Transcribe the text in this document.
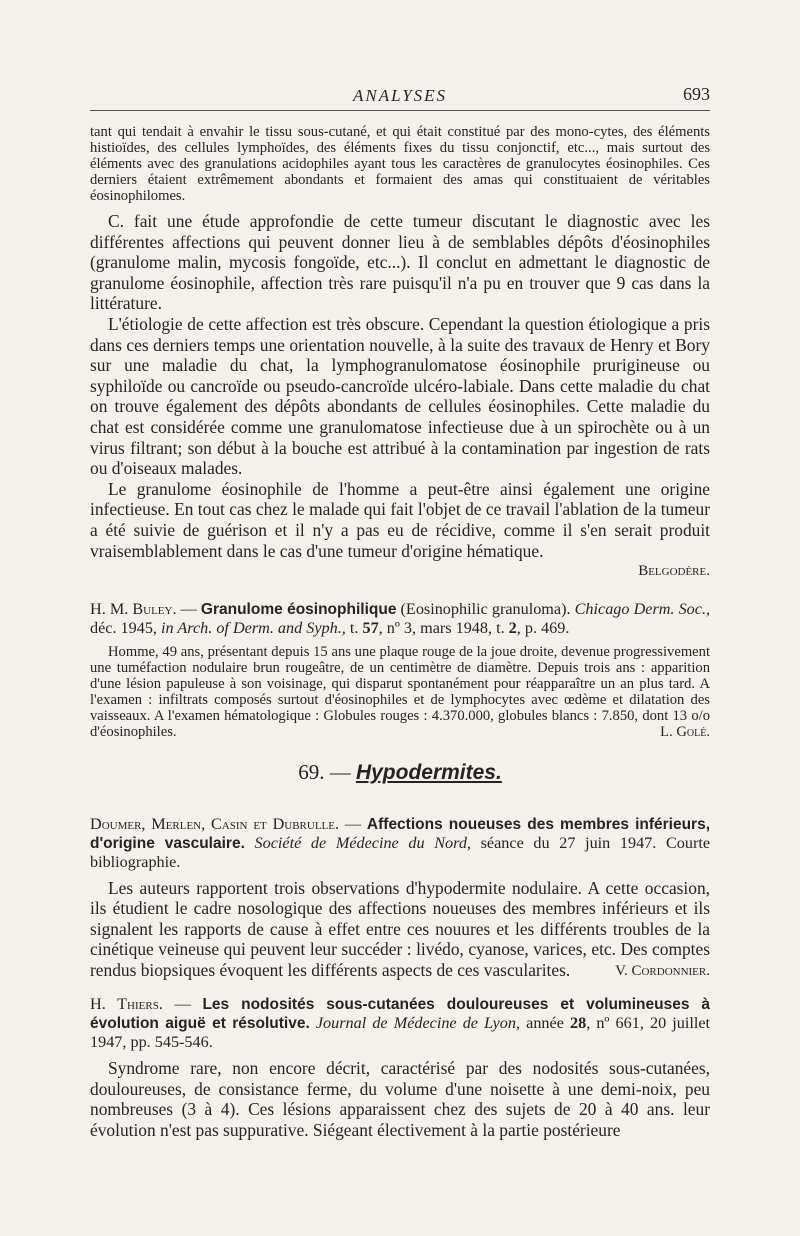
ANALYSES	693

tant qui tendait à envahir le tissu sous-cutané, et qui était constitué par des mono-cytes, des éléments histioïdes, des cellules lymphoïdes, des éléments fixes du tissu conjonctif, etc..., mais surtout des éléments avec des granulations acidophiles ayant tous les caractères de granulocytes éosinophiles. Ces derniers étaient extrêmement abondants et formaient des amas qui constituaient de véritables éosinophilomes.

C. fait une étude approfondie de cette tumeur discutant le diagnostic avec les différentes affections qui peuvent donner lieu à de semblables dépôts d'éosinophiles (granulome malin, mycosis fongoïde, etc...). Il conclut en admettant le diagnostic de granulome éosinophile, affection très rare puisqu'il n'a pu en trouver que 9 cas dans la littérature.

L'étiologie de cette affection est très obscure. Cependant la question étiologique a pris dans ces derniers temps une orientation nouvelle, à la suite des travaux de Henry et Bory sur une maladie du chat, la lymphogranulomatose éosinophile prurigineuse ou syphiloïde ou cancroïde ou pseudo-cancroïde ulcéro-labiale. Dans cette maladie du chat on trouve également des dépôts abondants de cellules éosinophiles. Cette maladie du chat est considérée comme une granulomatose infectieuse due à un spirochète ou à un virus filtrant; son début à la bouche est attribué à la contamination par ingestion de rats ou d'oiseaux malades.

Le granulome éosinophile de l'homme a peut-être ainsi également une origine infectieuse. En tout cas chez le malade qui fait l'objet de ce travail l'ablation de la tumeur a été suivie de guérison et il n'y a pas eu de récidive, comme il s'en serait produit vraisemblablement dans le cas d'une tumeur d'origine hématique.

Belgodère.

H. M. Buley. — Granulome éosinophilique (Eosinophilic granuloma). Chicago Derm. Soc., déc. 1945, in Arch. of Derm. and Syph., t. 57, nº 3, mars 1948, t. 2, p. 469.

Homme, 49 ans, présentant depuis 15 ans une plaque rouge de la joue droite, devenue progressivement une tuméfaction nodulaire brun rougeâtre, de un centimètre de diamètre. Depuis trois ans : apparition d'une lésion papuleuse à son voisinage, qui disparut spontanément pour réapparaître un an plus tard. A l'examen : infiltrats composés surtout d'éosinophiles et de lymphocytes avec œdème et dilatation des vaisseaux. A l'examen hématologique : Globules rouges : 4.370.000, globules blancs : 7.850, dont 13 o/o d'éosinophiles.	L. Golé.

69. — Hypodermites.

Doumer, Merlen, Casin et Dubrulle. — Affections noueuses des membres inférieurs, d'origine vasculaire. Société de Médecine du Nord, séance du 27 juin 1947. Courte bibliographie.

Les auteurs rapportent trois observations d'hypodermite nodulaire. A cette occasion, ils étudient le cadre nosologique des affections noueuses des membres inférieurs et ils signalent les rapports de cause à effet entre ces nouures et les différents troubles de la cinétique veineuse qui peuvent leur succéder : livédo, cyanose, varices, etc. Des comptes rendus biopsiques évoquent les différents aspects de ces vascularites.	V. Cordonnier.

H. Thiers. — Les nodosités sous-cutanées douloureuses et volumineuses à évolution aiguë et résolutive. Journal de Médecine de Lyon, année 28, nº 661, 20 juillet 1947, pp. 545-546.

Syndrome rare, non encore décrit, caractérisé par des nodosités sous-cutanées, douloureuses, de consistance ferme, du volume d'une noisette à une demi-noix, peu nombreuses (3 à 4). Ces lésions apparaissent chez des sujets de 20 à 40 ans. leur évolution n'est pas suppurative. Siégeant électivement à la partie postérieure
